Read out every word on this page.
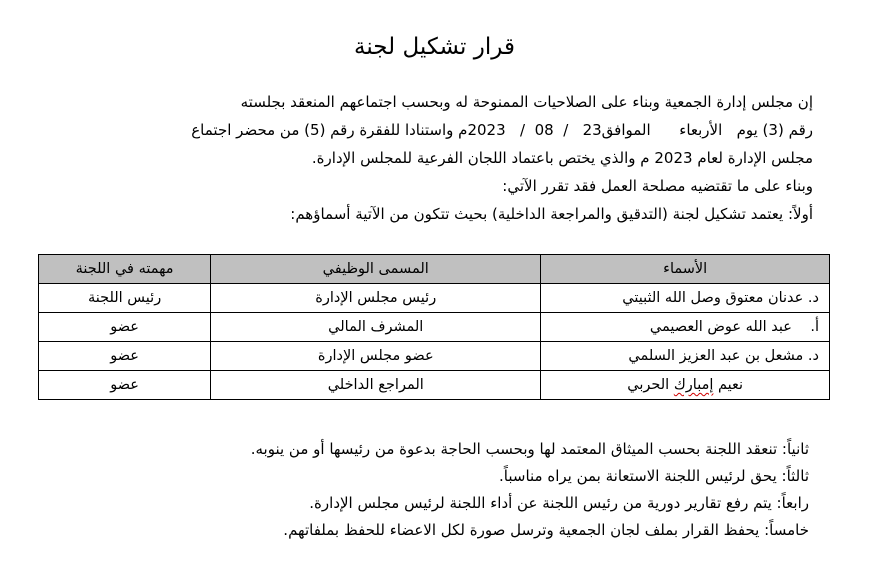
قرار تشكيل لجنة

إن مجلس إدارة الجمعية وبناء على الصلاحيات الممنوحة له وبحسب اجتماعهم المنعقد بجلسته

رقم (3) يوم   الأربعاء      الموافق23   /  08  /   2023م واستنادا للفقرة رقم (5) من محضر اجتماع

مجلس الإدارة لعام 2023 م والذي يختص باعتماد اللجان الفرعية للمجلس الإدارة.

وبناء على ما تقتضيه مصلحة العمل فقد تقرر الآتي:

أولاً: يعتمد تشكيل لجنة (التدقيق والمراجعة الداخلية) بحيث تتكون من الآتية أسماؤهم:

الأسماء	المسمى الوظيفي	مهمته في اللجنة
د. عدنان معتوق وصل الله الثبيتي	رئيس مجلس الإدارة	رئيس اللجنة
أ.    عبد الله عوض العصيمي	المشرف المالي	عضو
د. مشعل بن عبد العزيز السلمي	عضو مجلس الإدارة	عضو
نعيم إمبارك الحربي	المراجع الداخلي	عضو

ثانياً: تنعقد اللجنة بحسب الميثاق المعتمد لها وبحسب الحاجة بدعوة من رئيسها أو من ينوبه.

ثالثاً: يحق لرئيس اللجنة الاستعانة بمن يراه مناسباً.

رابعاً: يتم رفع تقارير دورية من رئيس اللجنة عن أداء اللجنة لرئيس مجلس الإدارة.

خامساً: يحفظ القرار بملف لجان الجمعية وترسل صورة لكل الاعضاء للحفظ بملفاتهم.
